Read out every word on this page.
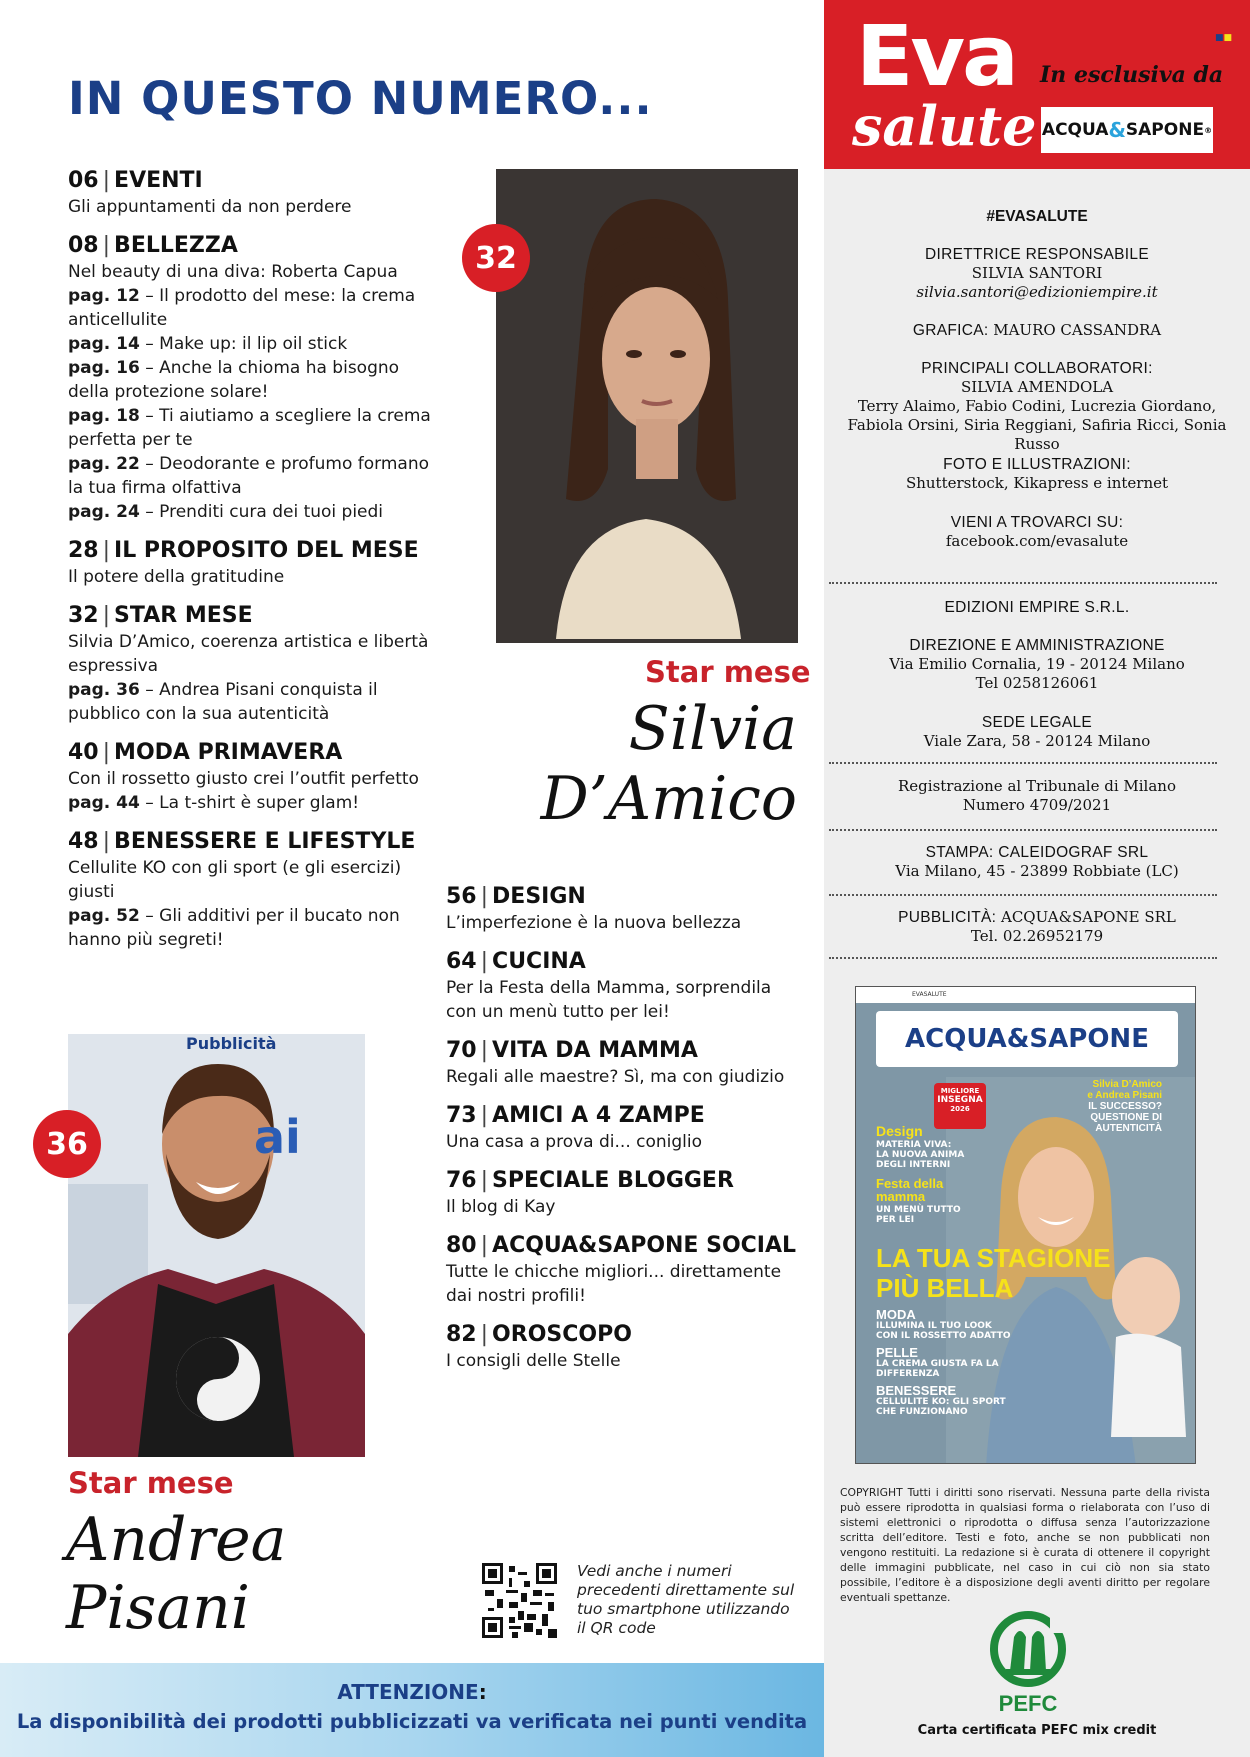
IN QUESTO NUMERO...
06 | EVENTI
Gli appuntamenti da non perdere
08 | BELLEZZA
Nel beauty di una diva: Roberta Capua
pag. 12 – Il prodotto del mese: la crema anticellulite
pag. 14 – Make up: il lip oil stick
pag. 16 – Anche la chioma ha bisogno della protezione solare!
pag. 18 – Ti aiutiamo a scegliere la crema perfetta per te
pag. 22 – Deodorante e profumo formano la tua firma olfattiva
pag. 24 – Prenditi cura dei tuoi piedi
28 | IL PROPOSITO DEL MESE
Il potere della gratitudine
32 | STAR MESE
Silvia D’Amico, coerenza artistica e libertà espressiva
pag. 36 – Andrea Pisani conquista il pubblico con la sua autenticità
40 | MODA PRIMAVERA
Con il rossetto giusto crei l’outfit perfetto
pag. 44 – La t-shirt è super glam!
48 | BENESSERE E LIFESTYLE
Cellulite KO con gli sport (e gli esercizi) giusti
pag. 52 – Gli additivi per il bucato non hanno più segreti!
56 | DESIGN
L’imperfezione è la nuova bellezza
64 | CUCINA
Per la Festa della Mamma, sorprendila con un menù tutto per lei!
70 | VITA DA MAMMA
Regali alle maestre? Sì, ma con giudizio
73 | AMICI A 4 ZAMPE
Una casa a prova di... coniglio
76 | SPECIALE BLOGGER
Il blog di Kay
80 | ACQUA&SAPONE SOCIAL
Tutte le chicche migliori... direttamente dai nostri profili!
82 | OROSCOPO
I consigli delle Stelle
32
Star mese
Silvia
D’Amico
Pubblicità
ai
36
Star mese
Andrea
Pisani
Vedi anche i numeri precedenti direttamente sul tuo smartphone utilizzando il QR code
ATTENZIONE:
La disponibilità dei prodotti pubblicizzati va verificata nei punti vendita
Eva
salute
In esclusiva da
ACQUA & SAPONE ®
■■
#EVASALUTE
DIRETTRICE RESPONSABILE
SILVIA SANTORI
silvia.santori@edizioniempire.it
GRAFICA: MAURO CASSANDRA
PRINCIPALI COLLABORATORI:
SILVIA AMENDOLA
Terry Alaimo, Fabio Codini, Lucrezia Giordano,
Fabiola Orsini, Siria Reggiani, Safiria Ricci, Sonia Russo
FOTO E ILLUSTRAZIONI:
Shutterstock, Kikapress e internet
VIENI A TROVARCI SU:
facebook.com/evasalute
EDIZIONI EMPIRE S.R.L.
DIREZIONE E AMMINISTRAZIONE
Via Emilio Cornalia, 19 - 20124 Milano
Tel 0258126061
SEDE LEGALE
Viale Zara, 58 - 20124 Milano
Registrazione al Tribunale di Milano
Numero 4709/2021
STAMPA: CALEIDOGRAF SRL
Via Milano, 45 - 23899 Robbiate (LC)
PUBBLICITÀ: ACQUA&SAPONE SRL
Tel. 02.26952179
EVASALUTE
ACQUA&SAPONE
MIGLIORE
INSEGNA
2026
Silvia D’Amico
e Andrea Pisani
IL SUCCESSO?
QUESTIONE DI
AUTENTICITÀ
Design
MATERIA VIVA:
LA NUOVA ANIMA
DEGLI INTERNI
Festa della
mamma
UN MENÙ TUTTO
PER LEI
LA TUA STAGIONE
PIÙ BELLA
MODA
ILLUMINA IL TUO LOOK
CON IL ROSSETTO ADATTO
PELLE
LA CREMA GIUSTA FA LA
DIFFERENZA
BENESSERE
CELLULITE KO: GLI SPORT
CHE FUNZIONANO
COPYRIGHT Tutti i diritti sono riservati. Nessuna parte della rivista può essere riprodotta in qualsiasi forma o rielaborata con l’uso di sistemi elettronici o riprodotta o diffusa senza l’autorizzazione scritta dell’editore. Testi e foto, anche se non pubblicati non vengono restituiti. La redazione si è curata di ottenere il copyright delle immagini pubblicate, nel caso in cui ciò non sia stato possibile, l’editore è a disposizione degli aventi diritto per regolare eventuali spettanze.
PEFC
Carta certificata PEFC mix credit
